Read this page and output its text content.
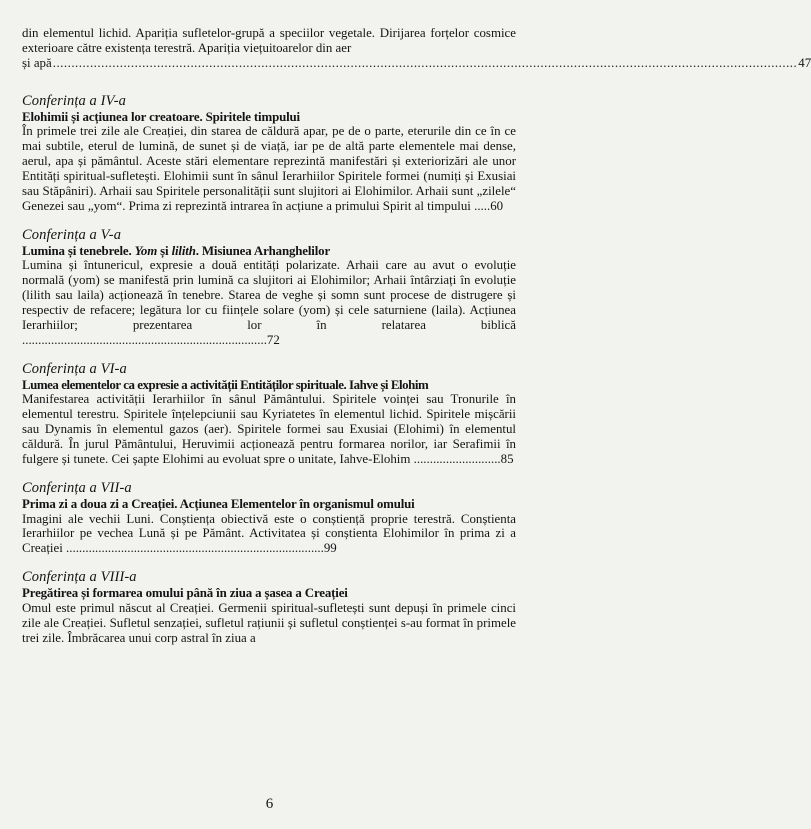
din elementul lichid. Apariția sufletelor-grupă a speciilor vegetale. Dirijarea forțelor cosmice exterioare către existența terestră. Apariția viețuitoarelor din aer

și apă ........................................................................................................................................................................................................ 47
Conferința a IV-a
Elohimii și acțiunea lor creatoare. Spiritele timpului
În primele trei zile ale Creației, din starea de căldură apar, pe de o parte, eterurile din ce în ce mai subtile, eterul de lumină, de sunet și de viață, iar pe de altă parte elementele mai dense, aerul, apa și pământul. Aceste stări elementare reprezintă manifestări și exteriorizări ale unor Entități spiritual-sufletești. Elohimii sunt în sânul Ierarhiilor Spiritele formei (numiți și Exusiai sau Stăpâniri). Arhaii sau Spiritele personalității sunt slujitori ai Elohimilor. Arhaii sunt „zilele“ Genezei sau „yom“. Prima zi reprezintă intrarea în acțiune a primului Spirit al timpului .....60
Conferința a V-a
Lumina și tenebrele. Yom și lilith. Misiunea Arhanghelilor
Lumina și întunericul, expresie a două entități polarizate. Arhaii care au avut o evoluție normală (yom) se manifestă prin lumină ca slujitori ai Elohimilor; Arhaii întârziați în evoluție (lilith sau laila) acționează în tenebre. Starea de veghe și somn sunt procese de distrugere și respectiv de refacere; legătura lor cu ființele solare (yom) și cele saturniene (laila). Acțiunea Ierarhiilor; prezentarea lor în relatarea biblică ............................................................................72
Conferința a VI-a
Lumea elementelor ca expresie a activității Entităților spirituale. Iahve și Elohim
Manifestarea activității Ierarhiilor în sânul Pământului. Spiritele voinței sau Tronurile în elementul terestru. Spiritele înțelepciunii sau Kyriatetes în elementul lichid. Spiritele mișcării sau Dynamis în elementul gazos (aer). Spiritele formei sau Exusiai (Elohimi) în elementul căldură. În jurul Pământului, Heruvimii acționează pentru formarea norilor, iar Serafimii în fulgere și tunete. Cei șapte Elohimi au evoluat spre o unitate, Iahve-Elohim ...........................85
Conferința a VII-a
Prima zi a doua zi a Creației. Acțiunea Elementelor în organismul omului
Imagini ale vechii Luni. Conștiența obiectivă este o conștiență proprie terestră. Conștienta Ierarhiilor pe vechea Lună și pe Pământ. Activitatea și conștienta Elohimilor în prima zi a Creației ................................................................................99
Conferința a VIII-a
Pregătirea și formarea omului până în ziua a șasea a Creației

Omul este primul născut al Creației. Germenii spiritual-sufletești sunt depuși în primele cinci zile ale Creației. Sufletul senzației, sufletul rațiunii și sufletul conștienței s-au format în primele trei zile. Îmbrăcarea unui corp astral în ziua a

6
